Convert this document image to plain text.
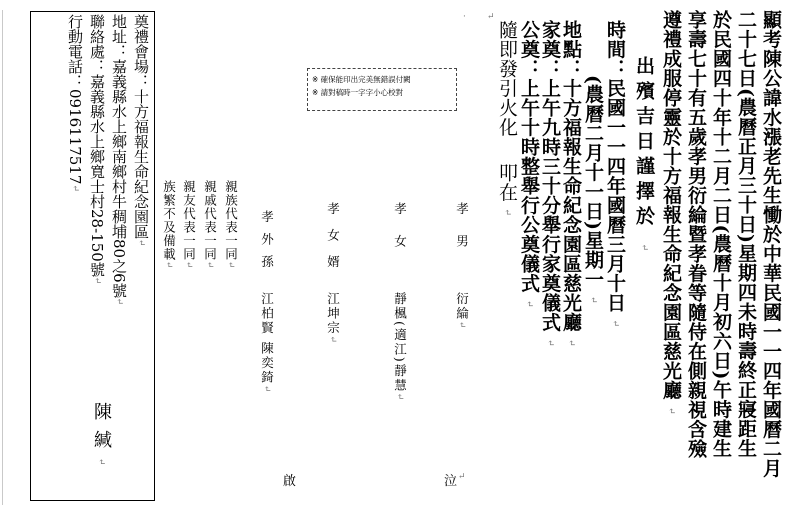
顯考陳公諱水漲老先生慟於中華民國一一四年國曆二月
二十七日(農曆正月三十日)星期四未時壽終正寢距生
於民國四十年十二月二日(農曆十月初六日)午時建生
享壽七十有五歲孝男衍綸暨孝眷等隨侍在側親視含殮
遵禮成服停靈於十方福報生命紀念園區慈光廳 ↵
出殯吉日謹擇於 ↵
時間：民國一一四年國曆三月十日 ↵
(農曆二月十一日)星期一 ↵
地點：十方福報生命紀念園區慈光廳 ↵
家奠：上午九時三十分舉行家奠儀式 ↵
公奠：上午十時整舉行公奠儀式 ↵
隨即發引火化
叩在 ↵
· ↵
孝男
衍綸↵
孝女
靜楓(適江)靜慧↵
孝女婿
江坤宗↵
孝外孫
江柏賢 陳奕錡↵
親族代表一同↵
親戚代表一同↵
親友代表一同↵
族繁不及備載↵
啟	泣 ↵
※ 確保能印出完美無錯誤付闕
※ 請對稿時一字字小心校對
奠禮會場：十方福報生命紀念園區↵
地址：嘉義縣水上鄉南鄉村牛稠埔80之6號↵
聯絡處：嘉義縣水上鄉寬士村28-150號↵
行動電話：0916117517↵
陳緘↵
